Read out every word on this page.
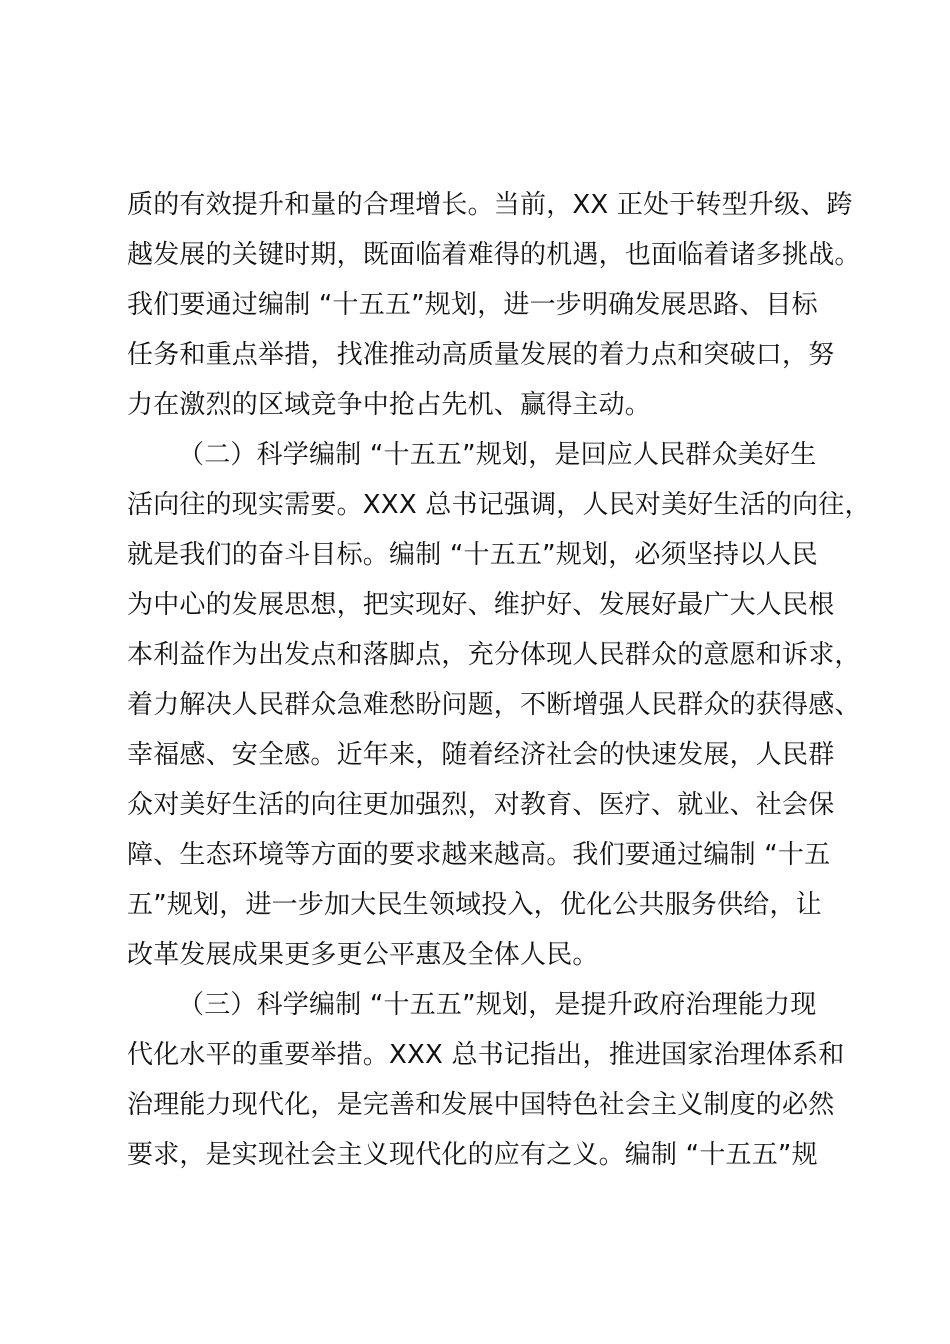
质的有效提升和量的合理增长。当前，XX 正处于转型升级、跨
越发展的关键时期，既面临着难得的机遇，也面临着诸多挑战。
我们要通过编制 “十五五”规划，进一步明确发展思路、目标
任务和重点举措，找准推动高质量发展的着力点和突破口，努
力在激烈的区域竞争中抢占先机、赢得主动。
（二）科学编制 “十五五”规划，是回应人民群众美好生
活向往的现实需要。XXX 总书记强调，人民对美好生活的向往，
就是我们的奋斗目标。编制 “十五五”规划，必须坚持以人民
为中心的发展思想，把实现好、维护好、发展好最广大人民根
本利益作为出发点和落脚点，充分体现人民群众的意愿和诉求，
着力解决人民群众急难愁盼问题，不断增强人民群众的获得感、
幸福感、安全感。近年来，随着经济社会的快速发展，人民群
众对美好生活的向往更加强烈，对教育、医疗、就业、社会保
障、生态环境等方面的要求越来越高。我们要通过编制 “十五
五”规划，进一步加大民生领域投入，优化公共服务供给，让
改革发展成果更多更公平惠及全体人民。
（三）科学编制 “十五五”规划，是提升政府治理能力现
代化水平的重要举措。XXX 总书记指出，推进国家治理体系和
治理能力现代化，是完善和发展中国特色社会主义制度的必然
要求，是实现社会主义现代化的应有之义。编制 “十五五”规
